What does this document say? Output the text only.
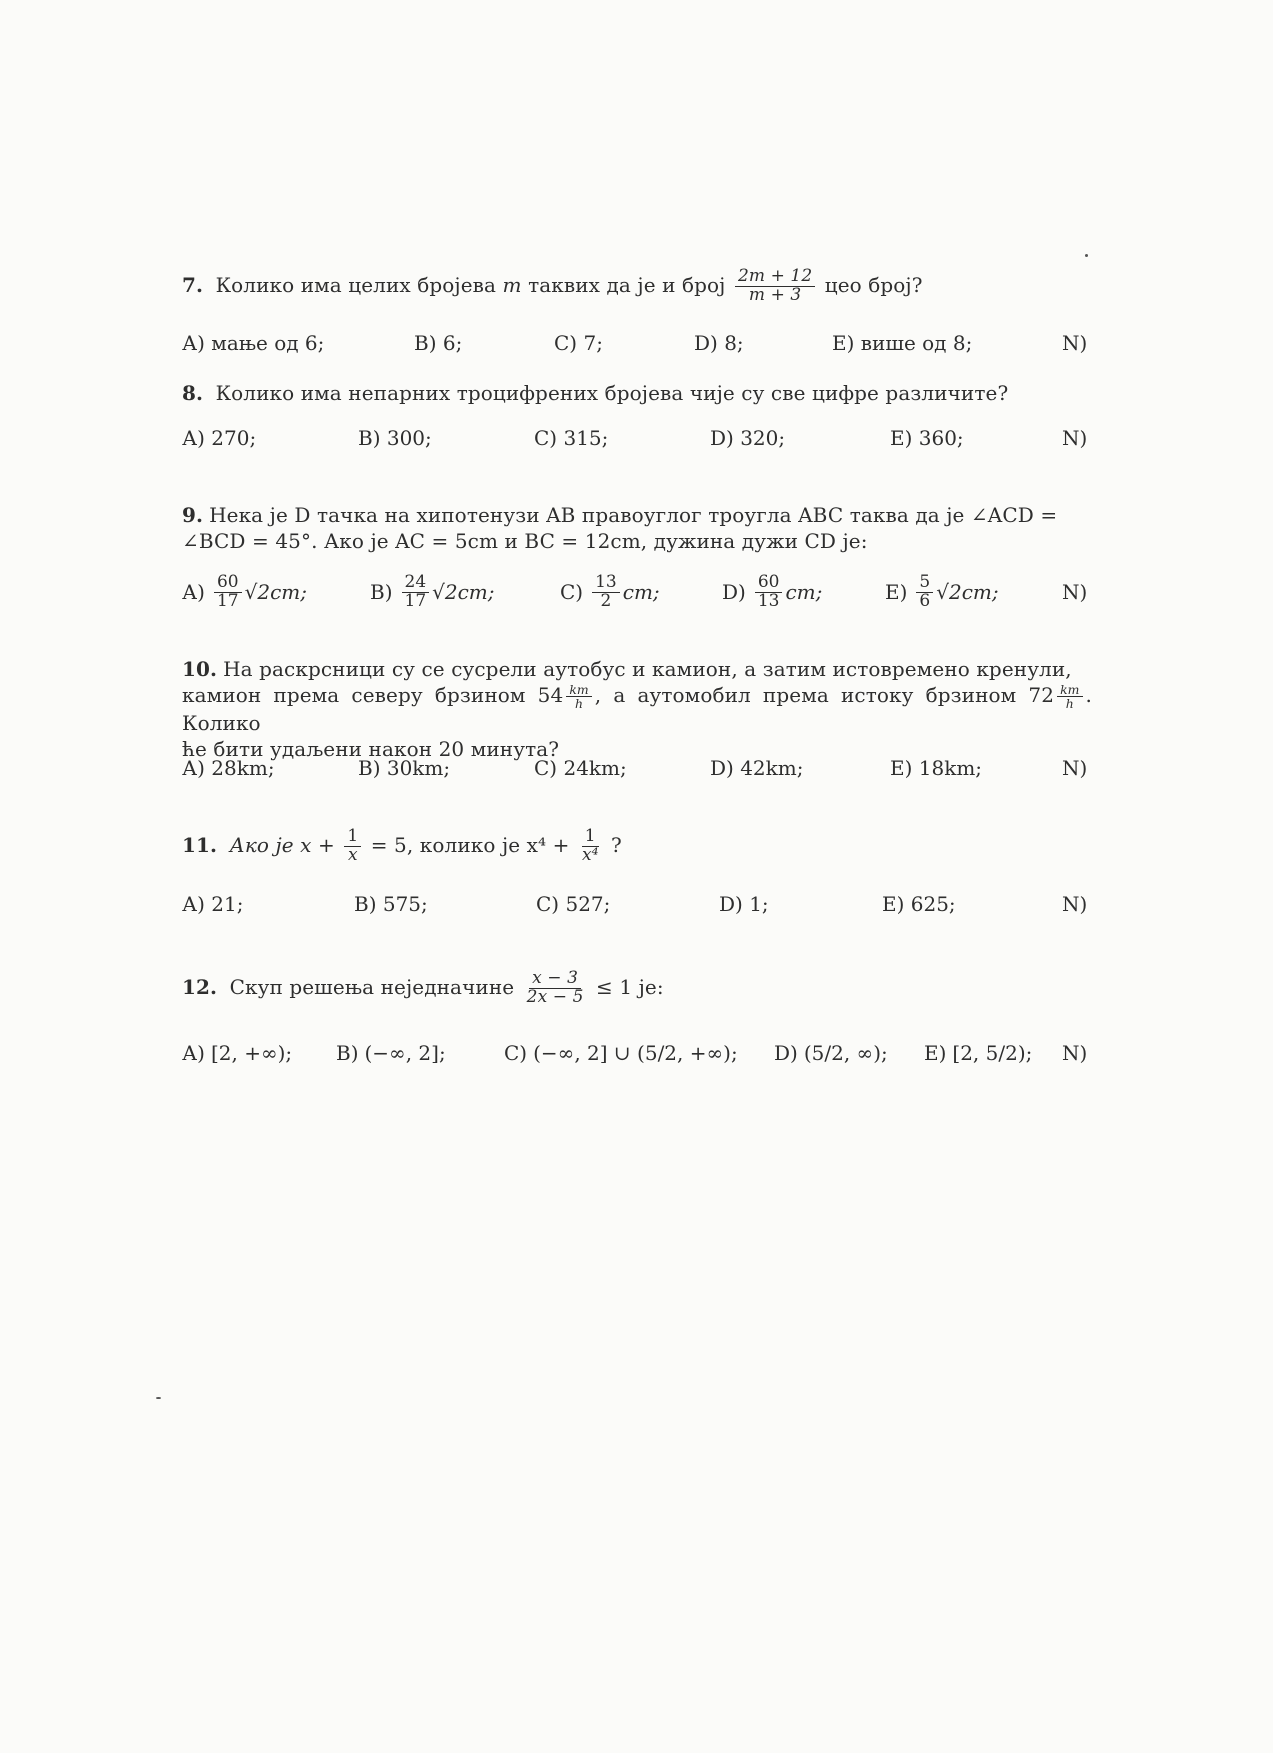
7. Колико има целих бројева m таквих да је и број $\frac{2m + 12}{m + 3}$ цео број?
А) мање од 6;	B) 6;	C) 7;	D) 8;	E) више од 8;	N)
8. Колико има непарних троцифрених бројева чије су све цифре различите?
А) 270;	B) 300;	C) 315;	D) 320;	E) 360;	N)
9. Нека је D тачка на хипотенузи AB правоуглог троугла ABC таква да је ∠ACD =
∠BCD = 45°. Ако је AC = 5cm и BC = 12cm, дужина дужи CD је:
$А) \frac{60}{17} √2cm$;	$B) \frac{24}{17} √2cm$;	$C) \frac{13}{2}$ cm;	$D) \frac{60}{13}$ cm;	$E) \frac{5}{6} √2cm$;	N)
10. На раскрсници су се сусрели аутобус и камион, а затим истовремено кренули,
камион према северу брзином $54 \frac{km}{h}$ , а аутомобил према истоку брзином $72 \frac{km}{h}$ . Колико
ће бити удаљени након 20 минута?
А) 28km;	B) 30km;	C) 24km;	D) 42km;	E) 18km;	N)
11. Ако је $x + \frac{1}{x} = 5$, колико је $x^4 + \frac{1}{\text{x⁴}}$ ?
А) 21;	B) 575;	C) 527;	D) 1;	E) 625;	N)
12. Скуп решења неједначине $\frac{x - 3}{2x - 5} \le 1$ је:
А) [2, +∞); B) (−∞, 2];	C) (−∞, 2] ∪ (5/2, +∞); D) (5/2, ∞); E) [2, 5/2); N)
